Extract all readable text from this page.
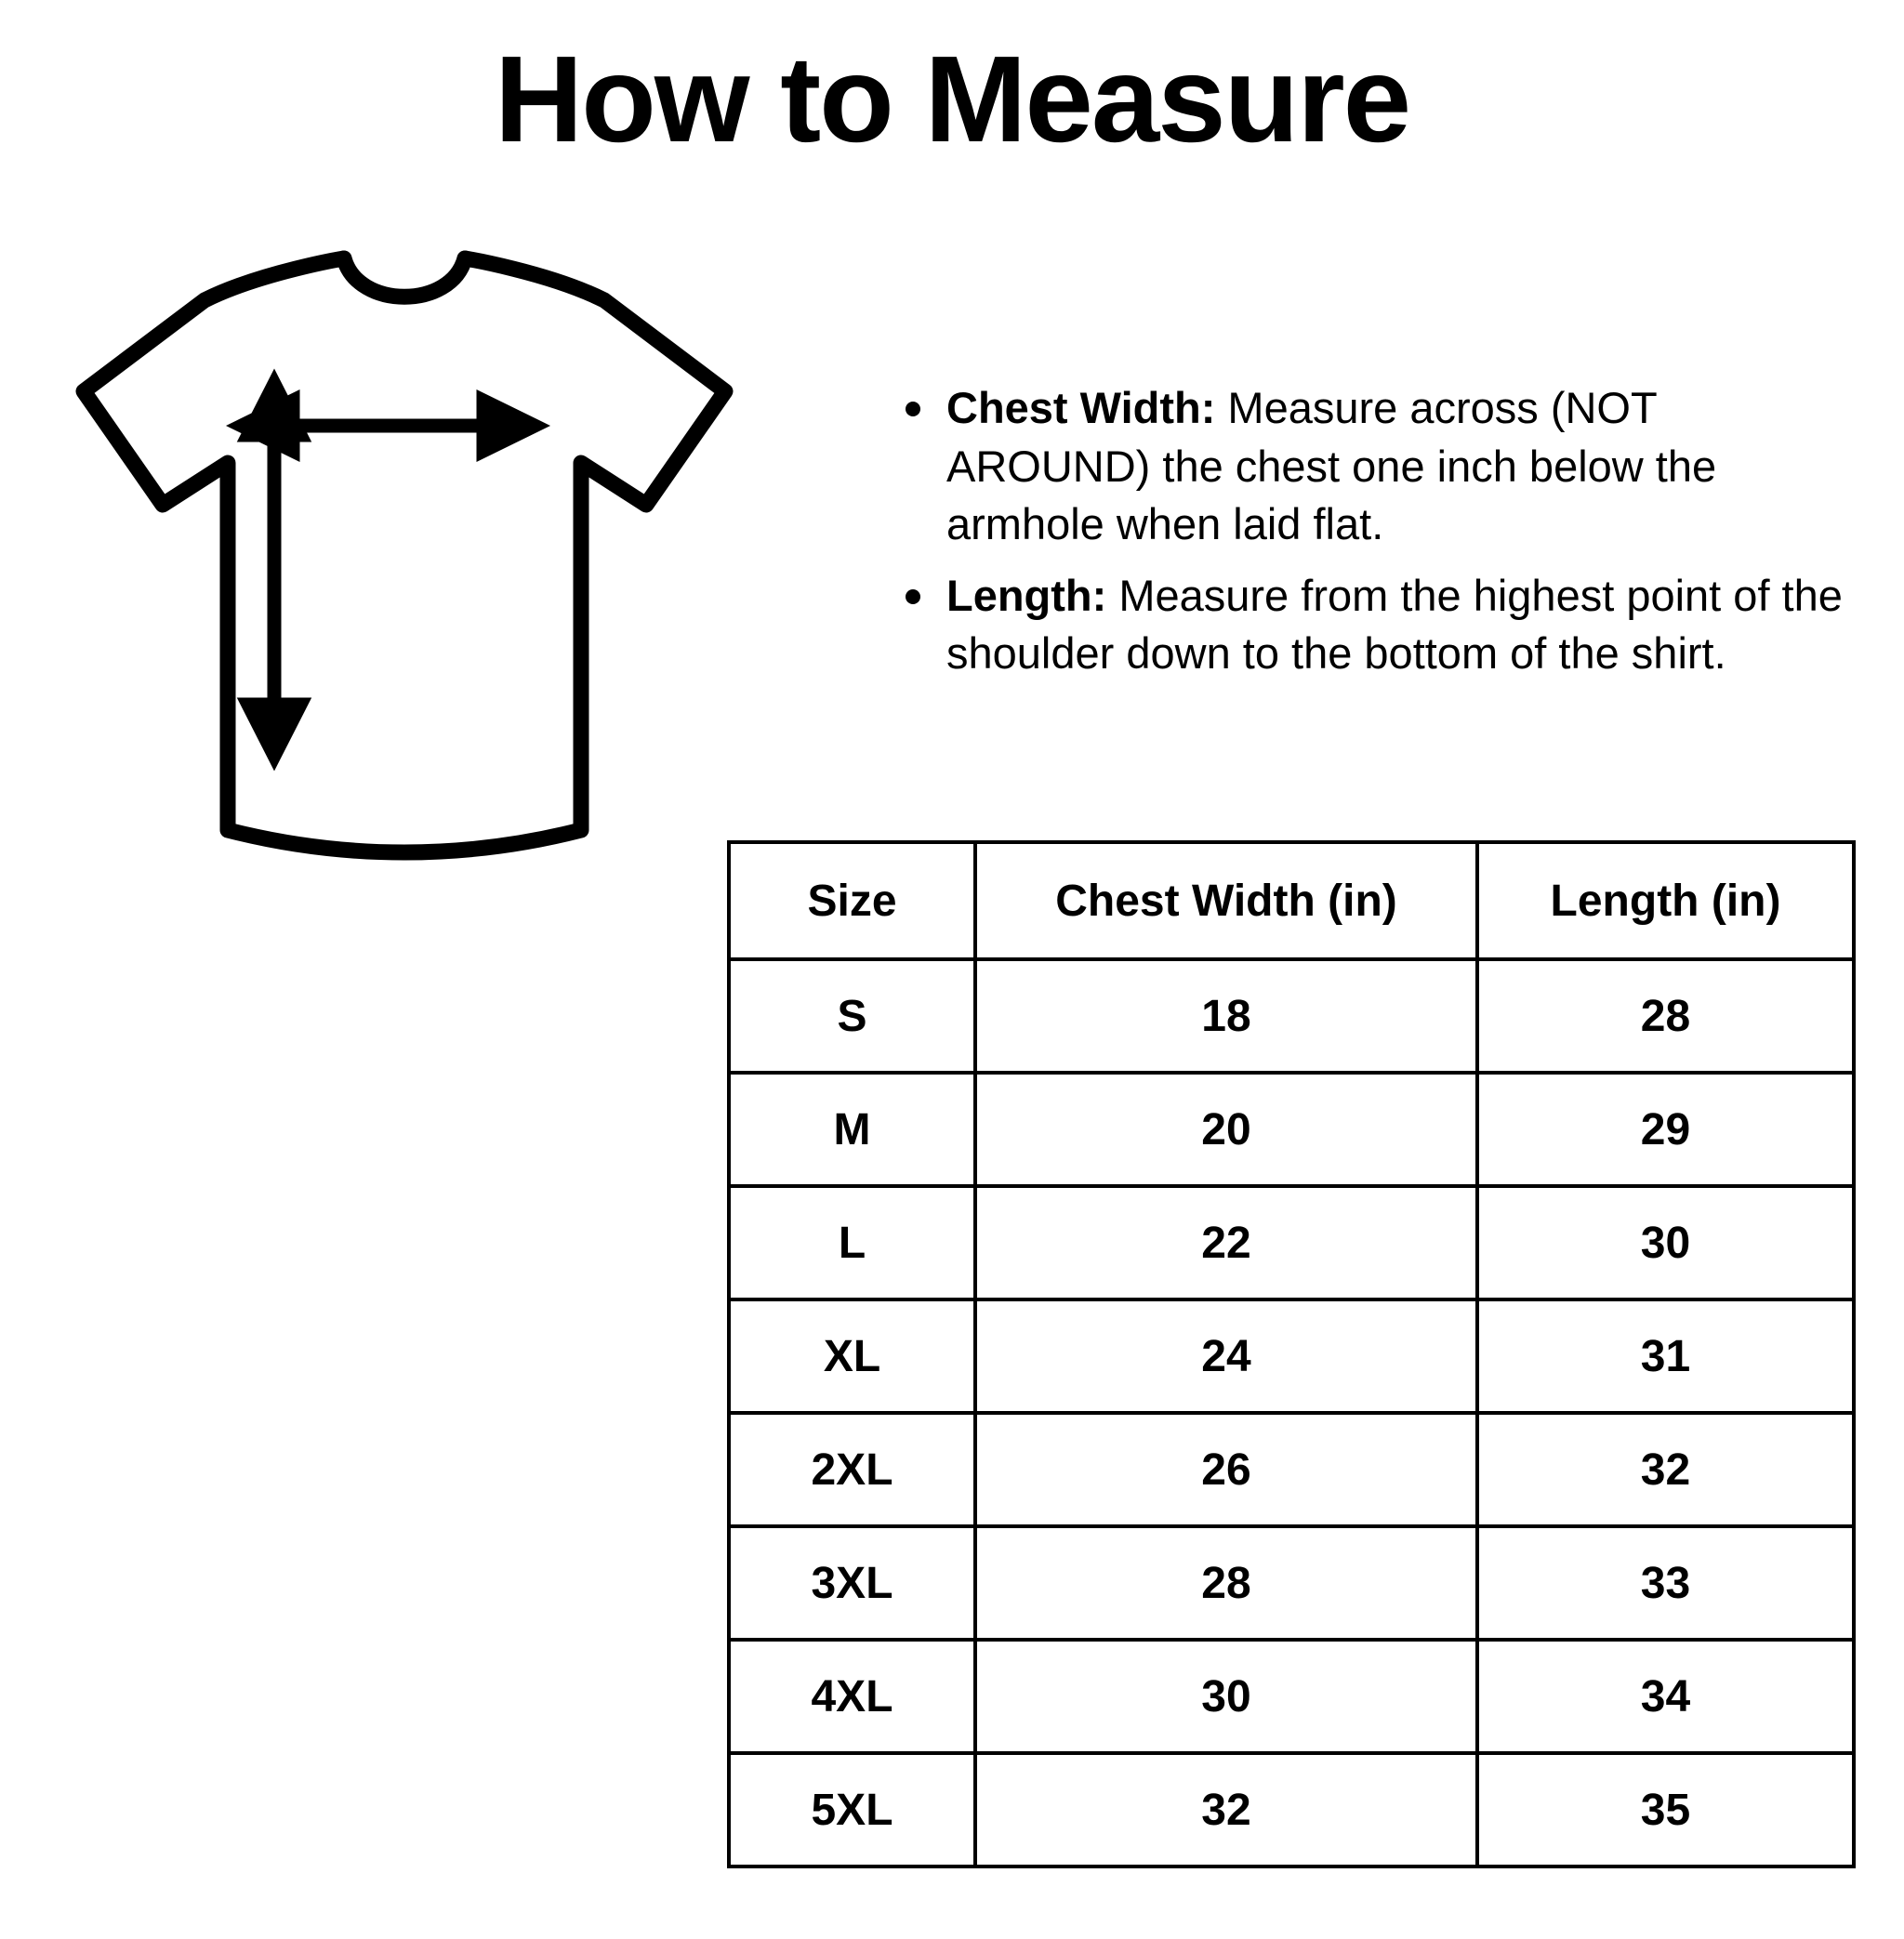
How to Measure
Chest Width: Measure across (NOT AROUND) the chest one inch below the armhole when laid flat.
Length: Measure from the highest point of the shoulder down to the bottom of the shirt.
Size	Chest Width (in)	Length (in)
S	18	28
M	20	29
L	22	30
XL	24	31
2XL	26	32
3XL	28	33
4XL	30	34
5XL	32	35
